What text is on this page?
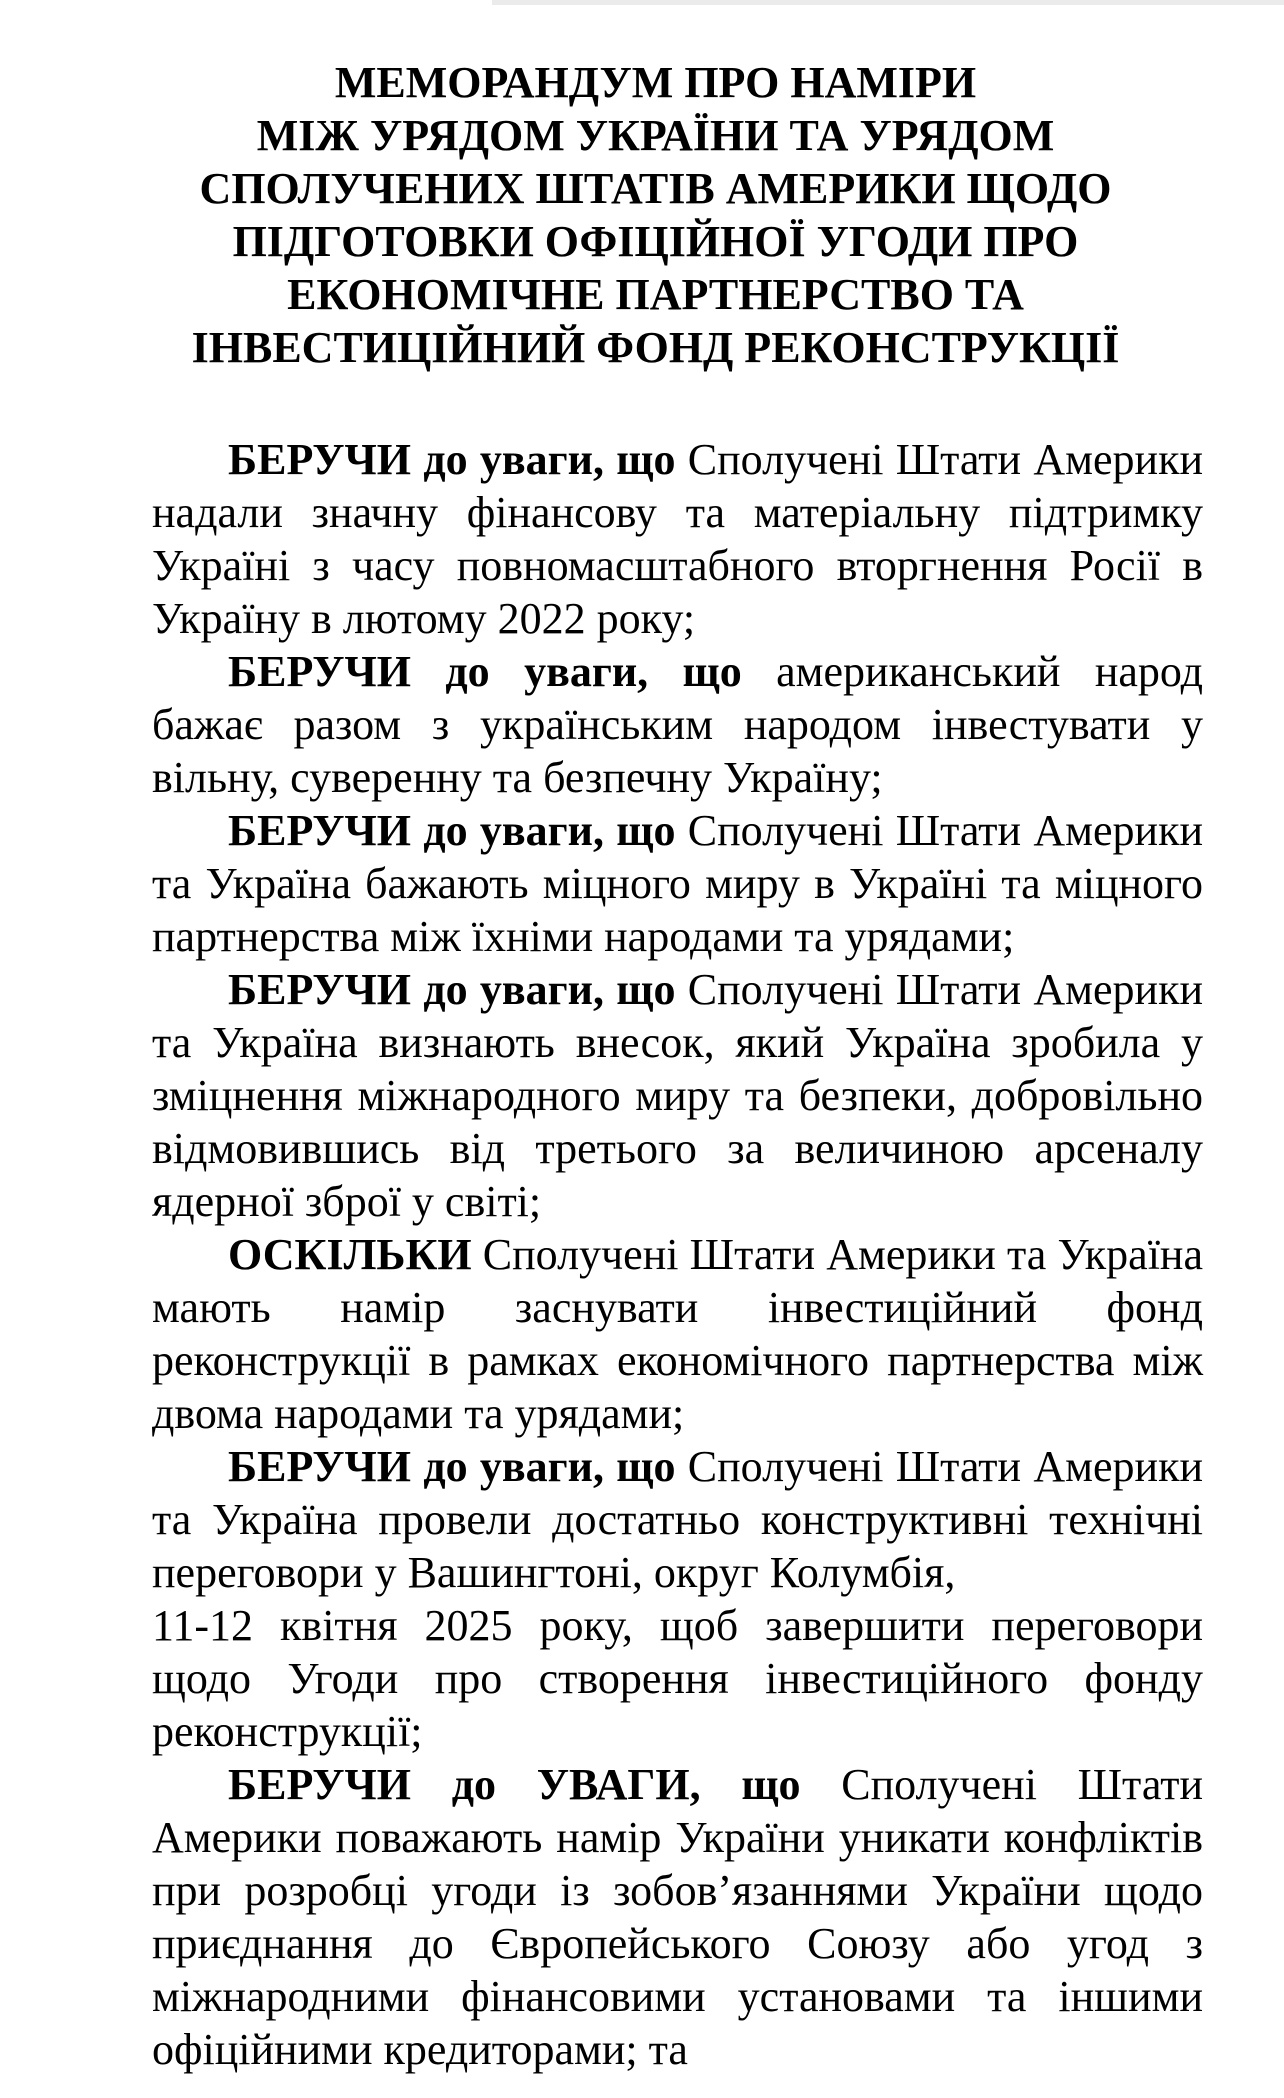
МЕМОРАНДУМ ПРО НАМІРИ
МІЖ УРЯДОМ УКРАЇНИ ТА УРЯДОМ
СПОЛУЧЕНИХ ШТАТІВ АМЕРИКИ ЩОДО
ПІДГОТОВКИ ОФІЦІЙНОЇ УГОДИ ПРО
ЕКОНОМІЧНЕ ПАРТНЕРСТВО ТА
ІНВЕСТИЦІЙНИЙ ФОНД РЕКОНСТРУКЦІЇ

БЕРУЧИ до уваги, що Сполучені Штати Америки надали значну фінансову та матеріальну підтримку Україні з часу повномасштабного вторгнення Росії в Україну в лютому 2022 року;

БЕРУЧИ до уваги, що американський народ бажає разом з українським народом інвестувати у вільну, суверенну та безпечну Україну;

БЕРУЧИ до уваги, що Сполучені Штати Америки та Україна бажають міцного миру в Україні та міцного партнерства між їхніми народами та урядами;

БЕРУЧИ до уваги, що Сполучені Штати Америки та Україна визнають внесок, який Україна зробила у зміцнення міжнародного миру та безпеки, добровільно відмовившись від третього за величиною арсеналу ядерної зброї у світі;

ОСКІЛЬКИ Сполучені Штати Америки та Україна мають намір заснувати інвестиційний фонд реконструкції в рамках економічного партнерства між двома народами та урядами;

БЕРУЧИ до уваги, що Сполучені Штати Америки та Україна провели достатньо конструктивні технічні переговори у Вашингтоні, округ Колумбія,
11-12 квітня 2025 року, щоб завершити переговори щодо Угоди про створення інвестиційного фонду реконструкції;

БЕРУЧИ до УВАГИ, що Сполучені Штати Америки поважають намір України уникати конфліктів при розробці угоди із зобов’язаннями України щодо приєднання до Європейського Союзу або угод з міжнародними фінансовими установами та іншими офіційними кредиторами; та
